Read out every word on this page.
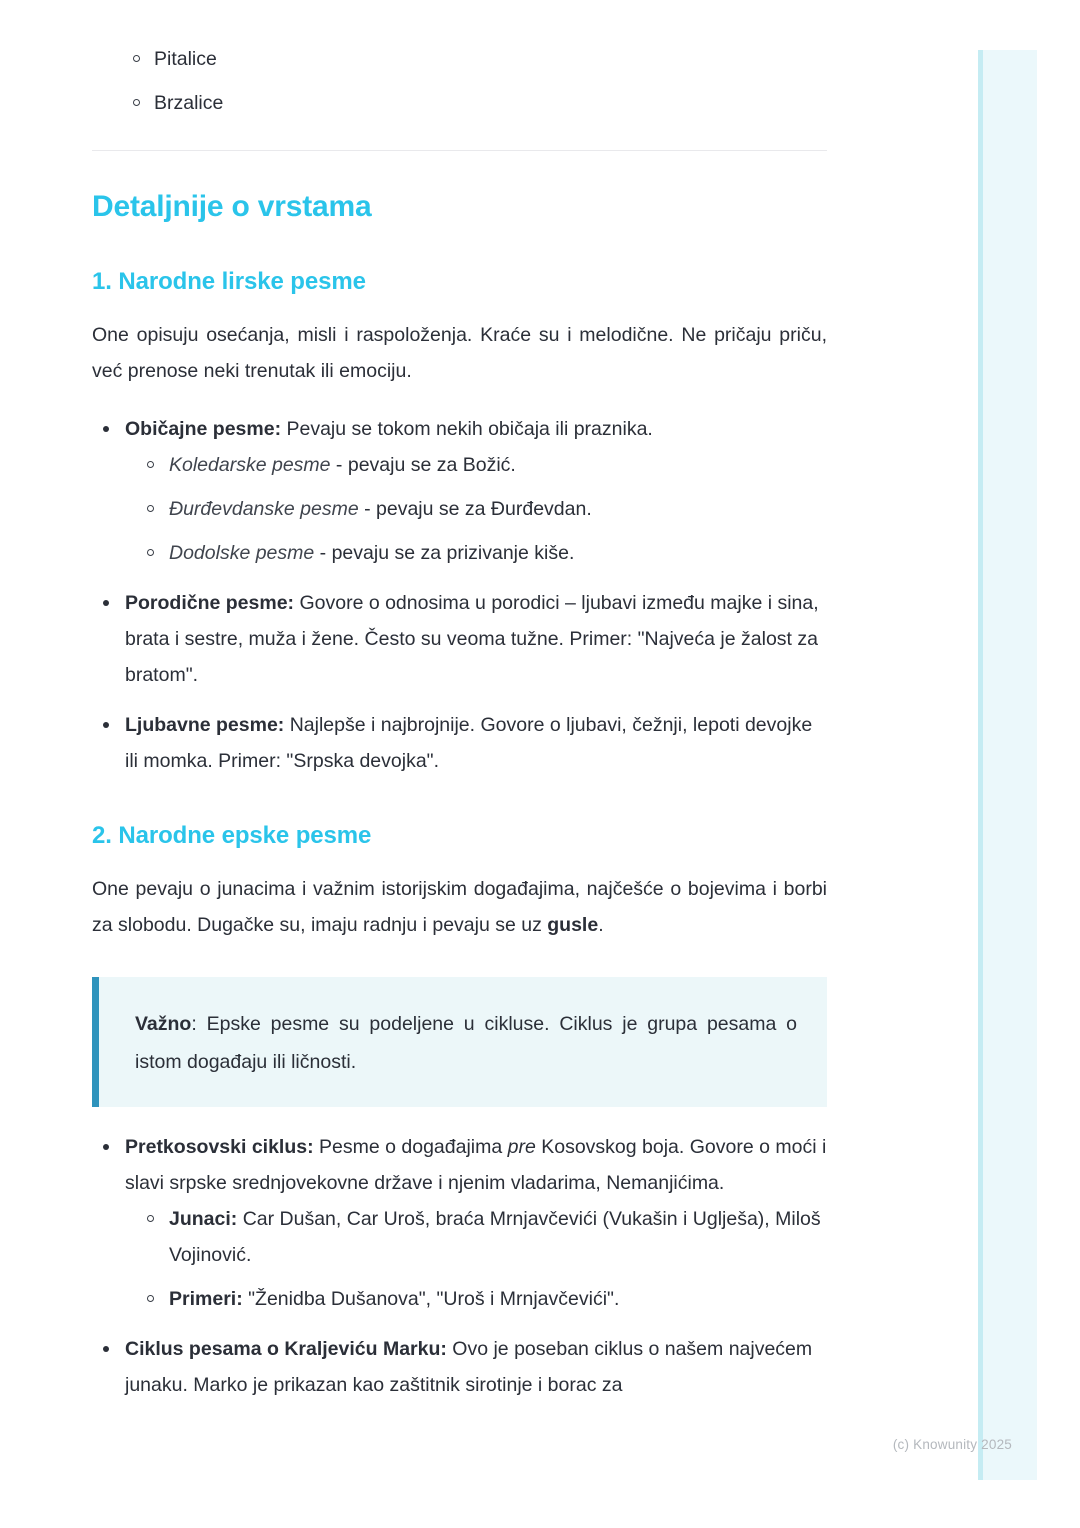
Pitalice
Brzalice
Detaljnije o vrstama
1. Narodne lirske pesme

One opisuju osećanja, misli i raspoloženja. Kraće su i melodične. Ne pričaju priču, već prenose neki trenutak ili emociju.

Običajne pesme: Pevaju se tokom nekih običaja ili praznika.
Koledarske pesme - pevaju se za Božić.
Đurđevdanske pesme - pevaju se za Đurđevdan.
Dodolske pesme - pevaju se za prizivanje kiše.
Porodične pesme: Govore o odnosima u porodici – ljubavi između majke i sina, brata i sestre, muža i žene. Često su veoma tužne. Primer: "Najveća je žalost za bratom".
Ljubavne pesme: Najlepše i najbrojnije. Govore o ljubavi, čežnji, lepoti devojke ili momka. Primer: "Srpska devojka".
2. Narodne epske pesme

One pevaju o junacima i važnim istorijskim događajima, najčešće o bojevima i borbi za slobodu. Dugačke su, imaju radnju i pevaju se uz gusle.

Važno: Epske pesme su podeljene u cikluse. Ciklus je grupa pesama o istom događaju ili ličnosti.

Pretkosovski ciklus: Pesme o događajima pre Kosovskog boja. Govore o moći i slavi srpske srednjovekovne države i njenim vladarima, Nemanjićima.
Junaci: Car Dušan, Car Uroš, braća Mrnjavčevići (Vukašin i Ugljеša), Miloš Vojinović.
Primeri: "Ženidba Dušanova", "Uroš i Mrnjavčevići".
Ciklus pesama o Kraljeviću Marku: Ovo je poseban ciklus o našem najvećem junaku. Marko je prikazan kao zaštitnik sirotinje i borac za
(c) Knowunity 2025
